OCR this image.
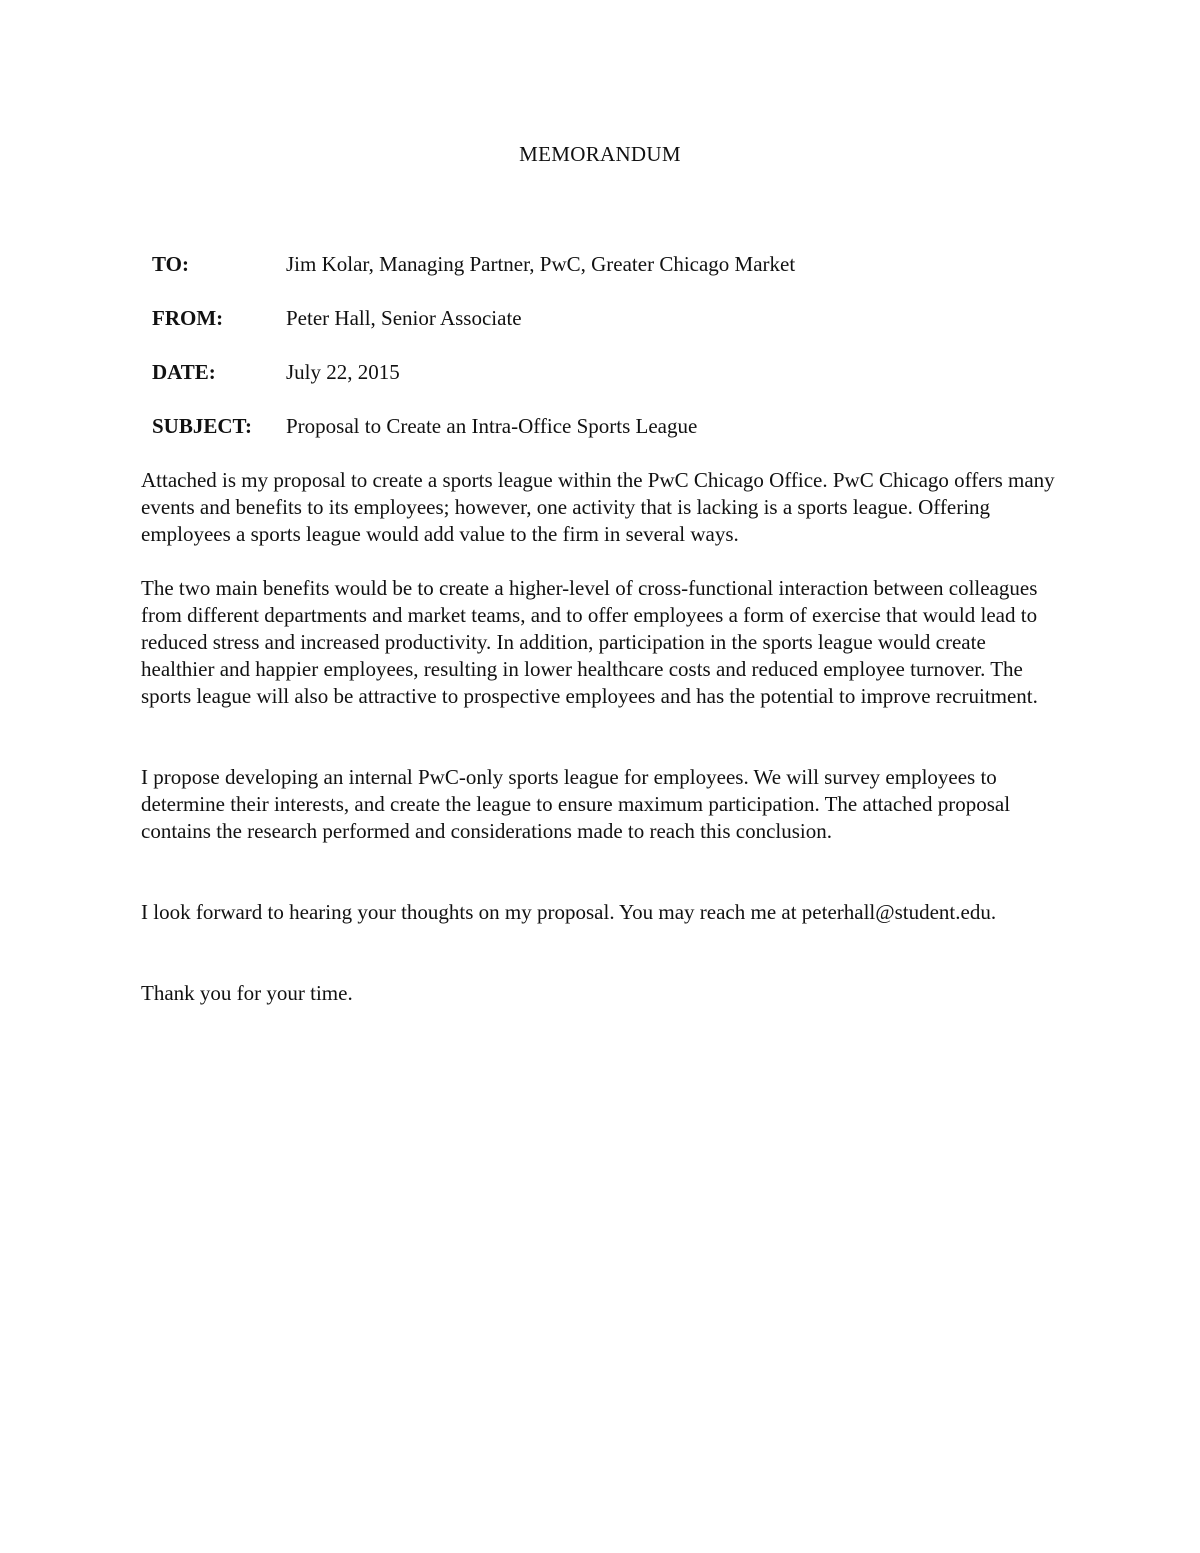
MEMORANDUM
TO:	Jim Kolar, Managing Partner, PwC, Greater Chicago Market
FROM:	Peter Hall, Senior Associate
DATE:	July 22, 2015
SUBJECT: Proposal to Create an Intra-Office Sports League

Attached is my proposal to create a sports league within the PwC Chicago Office. PwC Chicago offers many events and benefits to its employees; however, one activity that is lacking is a sports league. Offering employees a sports league would add value to the firm in several ways.

The two main benefits would be to create a higher-level of cross-functional interaction between colleagues from different departments and market teams, and to offer employees a form of exercise that would lead to reduced stress and increased productivity. In addition, participation in the sports league would create healthier and happier employees, resulting in lower healthcare costs and reduced employee turnover. The sports league will also be attractive to prospective employees and has the potential to improve recruitment.

I propose developing an internal PwC-only sports league for employees. We will survey employees to determine their interests, and create the league to ensure maximum participation. The attached proposal contains the research performed and considerations made to reach this conclusion.

I look forward to hearing your thoughts on my proposal. You may reach me at peterhall@student.edu.

Thank you for your time.
